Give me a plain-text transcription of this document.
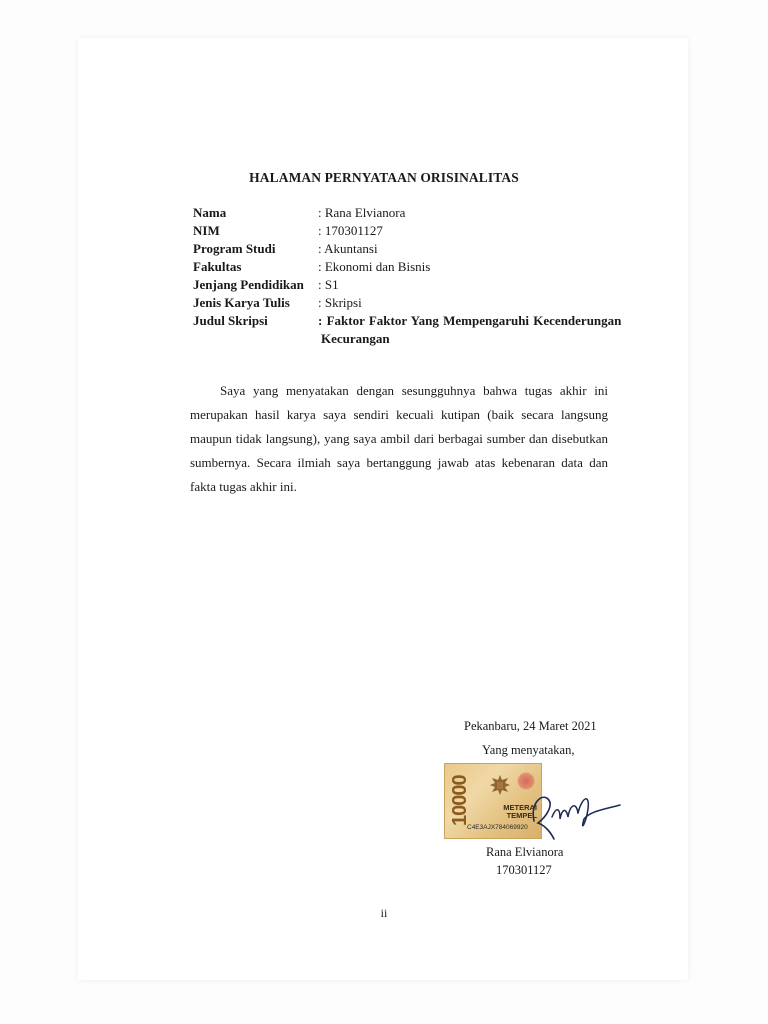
HALAMAN PERNYATAAN ORISINALITAS
Nama	: Rana Elvianora
NIM	: 170301127
Program Studi	: Akuntansi
Fakultas	: Ekonomi dan Bisnis
Jenjang Pendidikan : S1
Jenis Karya Tulis : Skripsi
Judul Skripsi	: Faktor Faktor Yang Mempengaruhi Kecenderungan
Kecurangan

Saya yang menyatakan dengan sesungguhnya bahwa tugas akhir ini merupakan hasil karya saya sendiri kecuali kutipan (baik secara langsung maupun tidak langsung), yang saya ambil dari berbagai sumber dan disebutkan sumbernya. Secara ilmiah saya bertanggung jawab atas kebenaran data dan fakta tugas akhir ini.

Pekanbaru, 24 Maret 2021
Yang menyatakan,
10000	METERAI
TEMPEL
C4E3AJX784069920
Rana Elvianora
170301127
ii
